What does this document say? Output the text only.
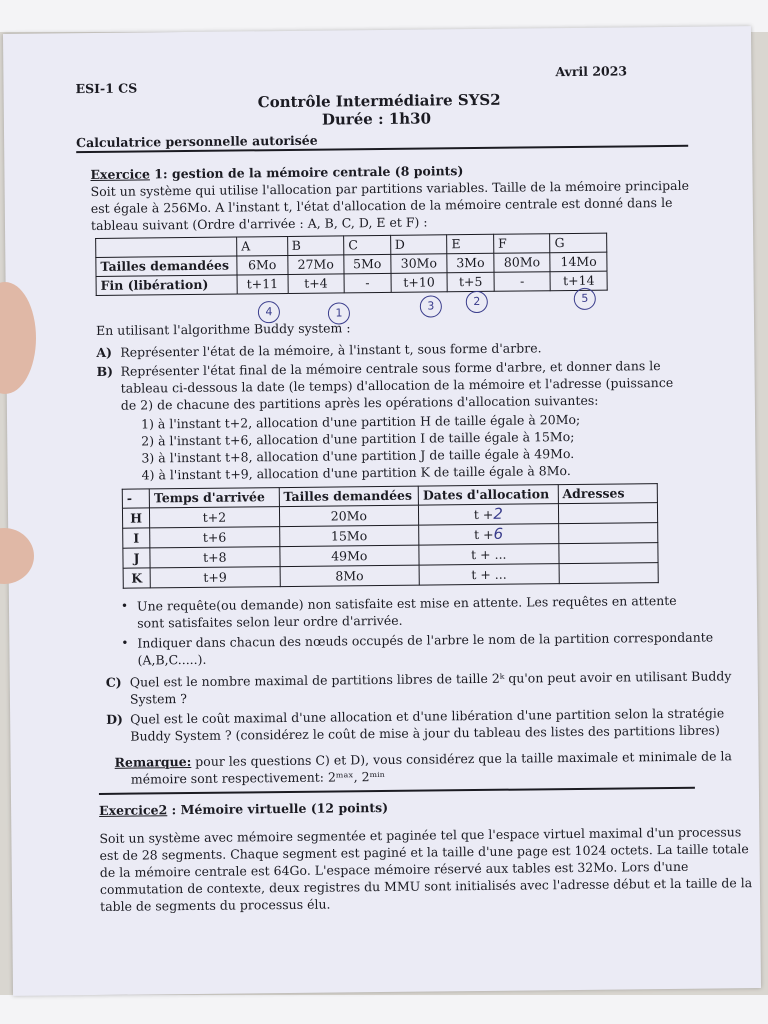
ESI-1 CS
Avril 2023
Contrôle Intermédiaire SYS2
Durée : 1h30
Calculatrice personnelle autorisée
Exercice 1: gestion de la mémoire centrale (8 points)
Soit un système qui utilise l'allocation par partitions variables. Taille de la mémoire principale
est égale à 256Mo. A l'instant t, l'état d'allocation de la mémoire centrale est donné dans le
tableau suivant (Ordre d'arrivée : A, B, C, D, E et F) :
	A	B	C	D	E	F	G
Tailles demandées	6Mo	27Mo	5Mo	30Mo	3Mo	80Mo	14Mo
Fin (libération)	t+11	t+4	-	t+10	t+5	-	t+14
4	1
3	2	5
En utilisant l'algorithme Buddy system :
A) Représenter l'état de la mémoire, à l'instant t, sous forme d'arbre.
B) Représenter l'état final de la mémoire centrale sous forme d'arbre, et donner dans le
tableau ci-dessous la date (le temps) d'allocation de la mémoire et l'adresse (puissance
de 2) de chacune des partitions après les opérations d'allocation suivantes:
1) à l'instant t+2, allocation d'une partition H de taille égale à 20Mo;
2) à l'instant t+6, allocation d'une partition I de taille égale à 15Mo;
3) à l'instant t+8, allocation d'une partition J de taille égale à 49Mo.
4) à l'instant t+9, allocation d'une partition K de taille égale à 8Mo.
-	Temps d'arrivée	Tailles demandées	Dates d'allocation	Adresses
H	t+2	20Mo	t +2	
I	t+6	15Mo	t +6	
J	t+8	49Mo	t + ...	
K	t+9	8Mo	t + ...	
• Une requête(ou demande) non satisfaite est mise en attente. Les requêtes en attente
sont satisfaites selon leur ordre d'arrivée.
• Indiquer dans chacun des nœuds occupés de l'arbre le nom de la partition correspondante
(A,B,C.....).
C) Quel est le nombre maximal de partitions libres de taille 2ᵏ qu'on peut avoir en utilisant Buddy
System ?
D) Quel est le coût maximal d'une allocation et d'une libération d'une partition selon la stratégie
Buddy System ? (considérez le coût de mise à jour du tableau des listes des partitions libres)
Remarque: pour les questions C) et D), vous considérez que la taille maximale et minimale de la
mémoire sont respectivement: 2ᵐᵃˣ, 2ᵐⁱⁿ
Exercice2 : Mémoire virtuelle (12 points)
Soit un système avec mémoire segmentée et paginée tel que l'espace virtuel maximal d'un processus
est de 28 segments. Chaque segment est paginé et la taille d'une page est 1024 octets. La taille totale
de la mémoire centrale est 64Go. L'espace mémoire réservé aux tables est 32Mo. Lors d'une
commutation de contexte, deux registres du MMU sont initialisés avec l'adresse début et la taille de la
table de segments du processus élu.
